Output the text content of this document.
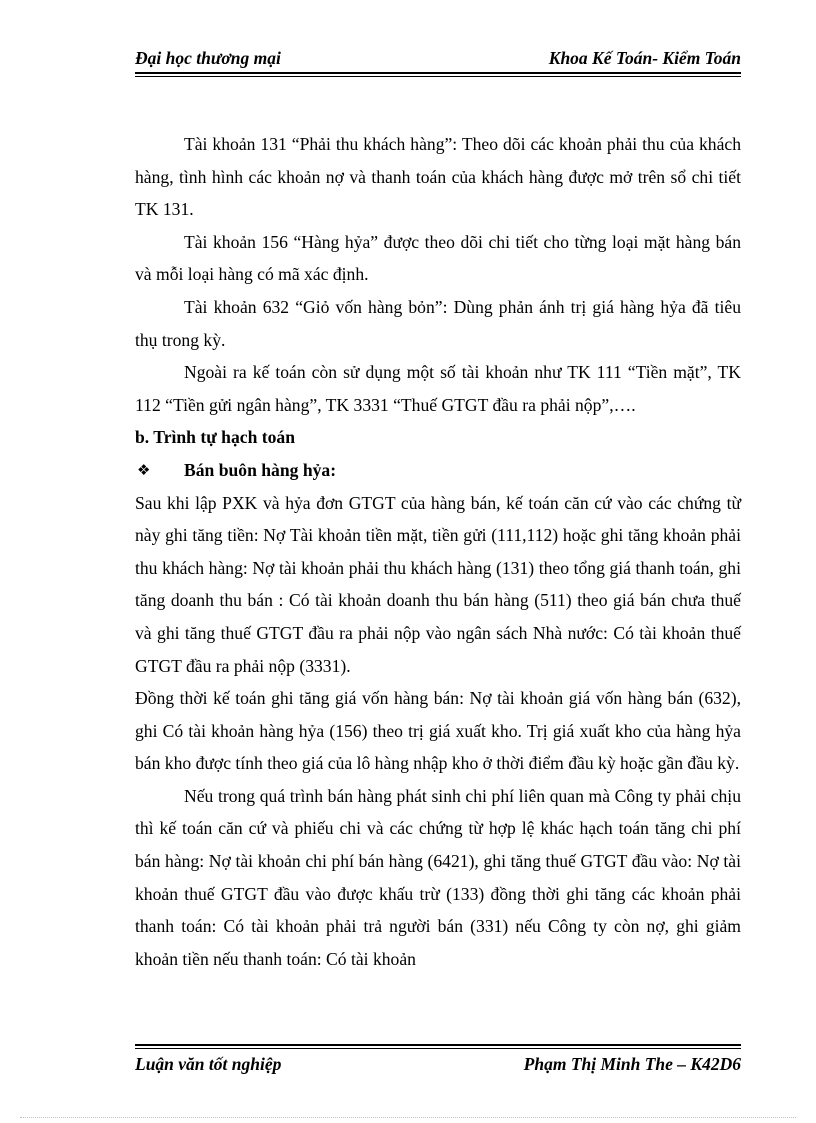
Đại học thương mại	Khoa Kế Toán- Kiểm Toán

Tài khoản 131 “Phải thu khách hàng”: Theo dõi các khoản phải thu của khách hàng, tình hình các khoản nợ và thanh toán của khách hàng được mở trên sổ chi tiết TK 131.

Tài khoản 156 “Hàng hỷa” được theo dõi chi tiết cho từng loại mặt hàng bán và mỗi loại hàng có mã xác định.

Tài khoản 632 “Giỏ vốn hàng bỏn”: Dùng phản ánh trị giá hàng hỷa đã tiêu thụ trong kỳ.

Ngoài ra kế toán còn sử dụng một số tài khoản như TK 111 “Tiền mặt”, TK 112 “Tiền gửi ngân hàng”, TK 3331 “Thuế GTGT đầu ra phải nộp”,….

b. Trình tự hạch toán

❖ Bán buôn hàng hỷa:

Sau khi lập PXK và hỷa đơn GTGT của hàng bán, kế toán căn cứ vào các chứng từ này ghi tăng tiền: Nợ Tài khoản tiền mặt, tiền gửi (111,112) hoặc ghi tăng khoản phải thu khách hàng: Nợ tài khoản phải thu khách hàng (131) theo tổng giá thanh toán, ghi tăng doanh thu bán : Có tài khoản doanh thu bán hàng (511) theo giá bán chưa thuế và ghi tăng thuế GTGT đầu ra phải nộp vào ngân sách Nhà nước: Có tài khoản thuế GTGT đầu ra phải nộp (3331).

Đồng thời kế toán ghi tăng giá vốn hàng bán: Nợ tài khoản giá vốn hàng bán (632), ghi Có tài khoản hàng hỷa (156) theo trị giá xuất kho. Trị giá xuất kho của hàng hỷa bán kho được tính theo giá của lô hàng nhập kho ở thời điểm đầu kỳ hoặc gần đầu kỳ.

Nếu trong quá trình bán hàng phát sinh chi phí liên quan mà Công ty phải chịu thì kế toán căn cứ và phiếu chi và các chứng từ hợp lệ khác hạch toán tăng chi phí bán hàng: Nợ tài khoản chi phí bán hàng (6421), ghi tăng thuế GTGT đầu vào: Nợ tài khoản thuế GTGT đầu vào được khấu trừ (133) đồng thời ghi tăng các khoản phải thanh toán: Có tài khoản phải trả người bán (331) nếu Công ty còn nợ, ghi giảm khoản tiền nếu thanh toán: Có tài khoản

Luận văn tốt nghiệp	Phạm Thị Minh The – K42D6
